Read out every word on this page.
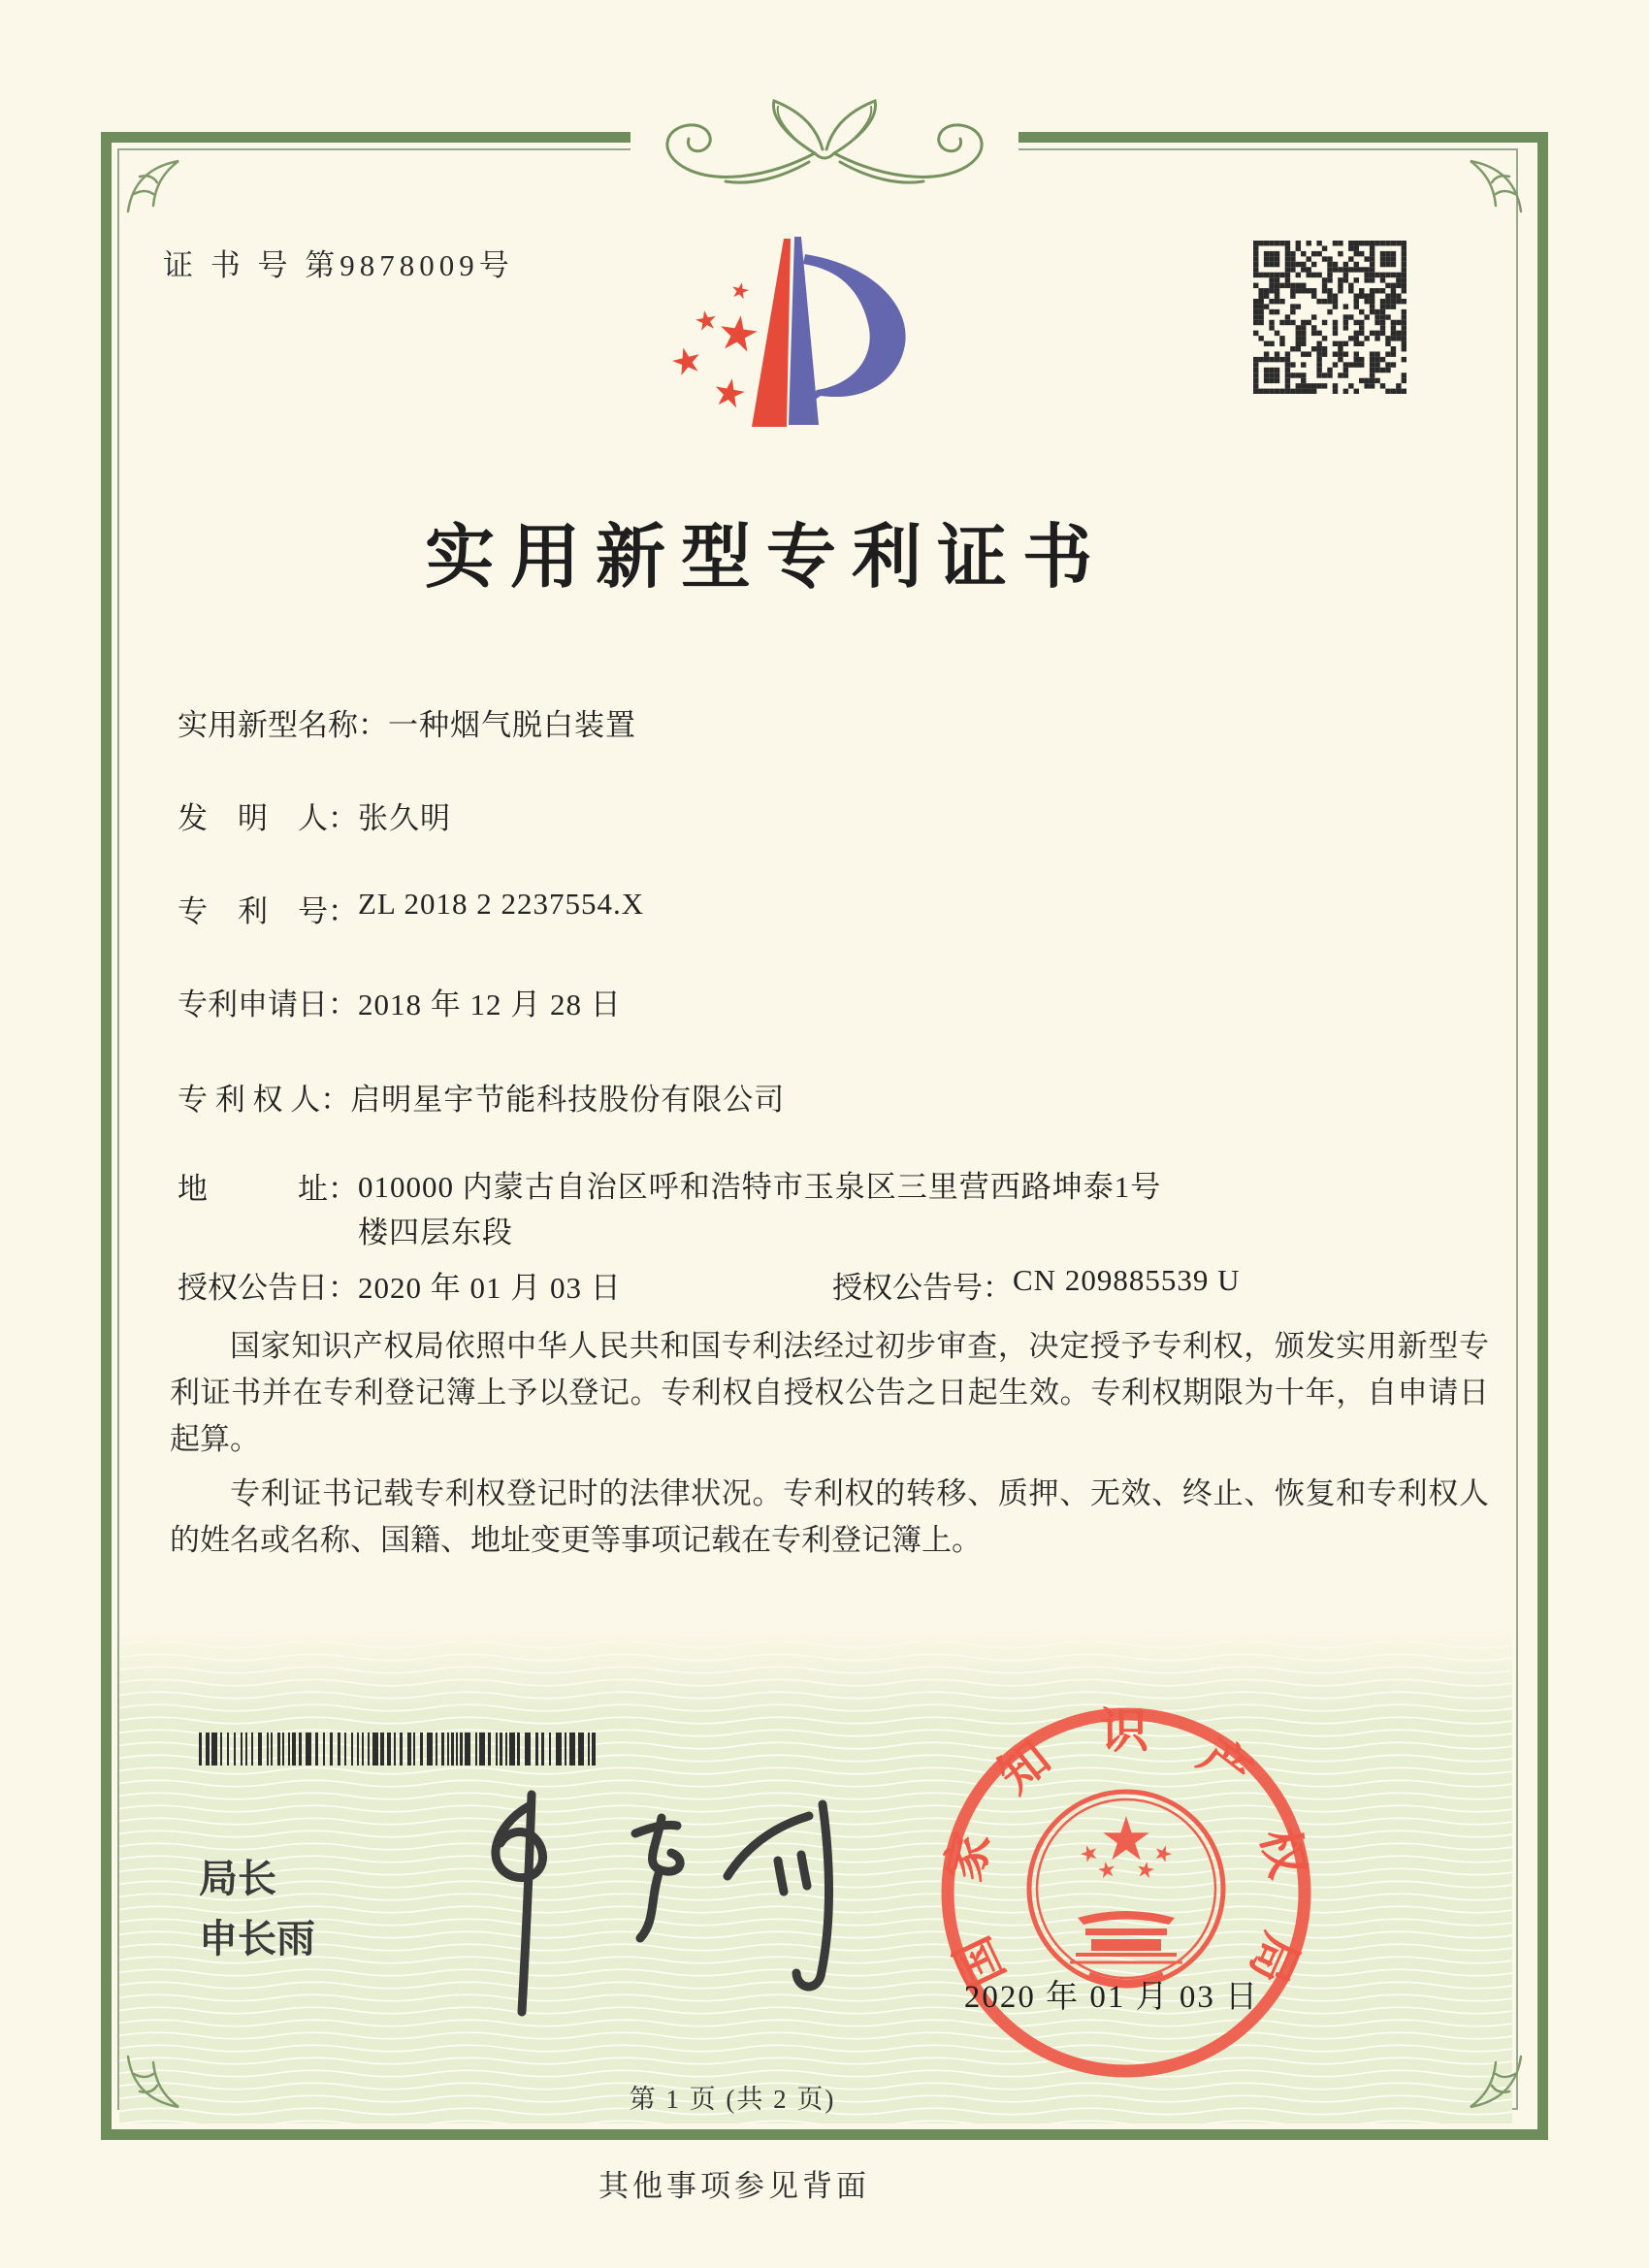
证 书 号 第9878009号
实用新型专利证书
实用新型名称：一种烟气脱白装置
发　明　人：张久明
专　利　号：ZL 2018 2 2237554.X
专利申请日：2018 年 12 月 28 日
专 利 权 人：启明星宇节能科技股份有限公司
地　　　址：010000 内蒙古自治区呼和浩特市玉泉区三里营西路坤泰1号楼四层东段
授权公告日：2020 年 01 月 03 日	授权公告号：CN 209885539 U

国家知识产权局依照中华人民共和国专利法经过初步审查，决定授予专利权，颁发实用新型专利证书并在专利登记簿上予以登记。专利权自授权公告之日起生效。专利权期限为十年，自申请日起算。

专利证书记载专利权登记时的法律状况。专利权的转移、质押、无效、终止、恢复和专利权人的姓名或名称、国籍、地址变更等事项记载在专利登记簿上。

局长
申长雨	国家知识产权局
2020 年 01 月 03 日
第 1 页 (共 2 页)
其他事项参见背面
